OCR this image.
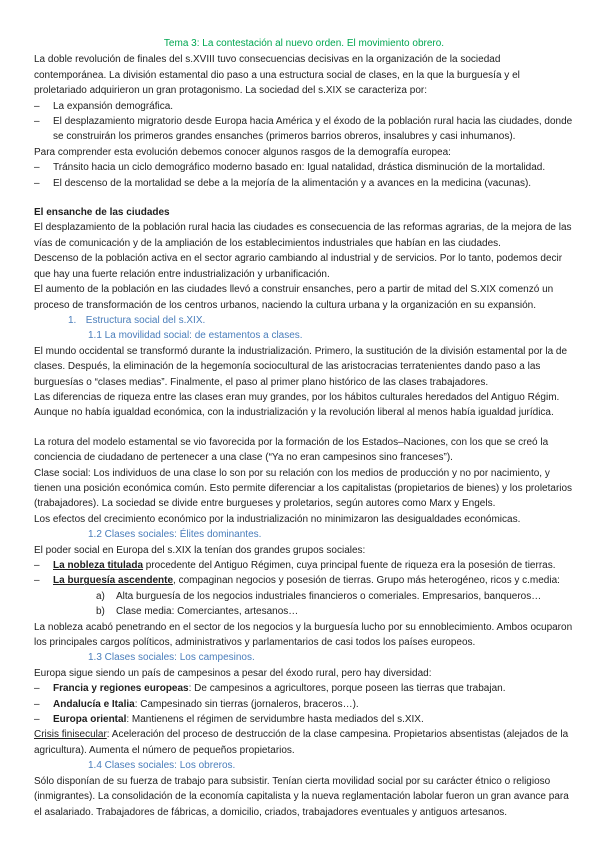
Tema 3: La contestación al nuevo orden. El movimiento obrero.

La doble revolución de finales del s.XVIII tuvo consecuencias decisivas en la organización de la sociedad contemporánea. La división estamental dio paso a una estructura social de clases, en la que la burguesía y el proletariado adquirieron un gran protagonismo. La sociedad del s.XIX se caracteriza por:

– La expansión demográfica.

– El desplazamiento migratorio desde Europa hacia América y el éxodo de la población rural hacia las ciudades, donde se construirán los primeros grandes ensanches (primeros barrios obreros, insalubres y casi inhumanos).

Para comprender esta evolución debemos conocer algunos rasgos de la demografía europea:

– Tránsito hacia un ciclo demográfico moderno basado en: Igual natalidad, drástica disminución de la mortalidad.

– El descenso de la mortalidad se debe a la mejoría de la alimentación y a avances en la medicina (vacunas).

El ensanche de las ciudades

El desplazamiento de la población rural hacia las ciudades es consecuencia de las reformas agrarias, de la mejora de las vías de comunicación y de la ampliación de los establecimientos industriales que habían en las ciudades.

Descenso de la población activa en el sector agrario cambiando al industrial y de servicios. Por lo tanto, podemos decir que hay una fuerte relación entre industrialización y urbanificación.

El aumento de la población en las ciudades llevó a construir ensanches, pero a partir de mitad del S.XIX comenzó un proceso de transformación de los centros urbanos, naciendo la cultura urbana y la organización en su expansión.

1. Estructura social del s.XIX.

1.1 La movilidad social: de estamentos a clases.

El mundo occidental se transformó durante la industrialización. Primero, la sustitución de la división estamental por la de clases. Después, la eliminación de la hegemonía sociocultural de las aristocracias terratenientes dando paso a las burguesías o “clases medias”. Finalmente, el paso al primer plano histórico de las clases trabajadores.

Las diferencias de riqueza entre las clases eran muy grandes, por los hábitos culturales heredados del Antiguo Régim. Aunque no había igualdad económica, con la industrialización y la revolución liberal al menos había igualdad jurídica.

La rotura del modelo estamental se vio favorecida por la formación de los Estados–Naciones, con los que se creó la conciencia de ciudadano de pertenecer a una clase (“Ya no eran campesinos sino franceses”).

Clase social: Los individuos de una clase lo son por su relación con los medios de producción y no por nacimiento, y tienen una posición económica común. Esto permite diferenciar a los capitalistas (propietarios de bienes) y los proletarios (trabajadores). La sociedad se divide entre burgueses y proletarios, según autores como Marx y Engels.

Los efectos del crecimiento económico por la industrialización no minimizaron las desigualdades económicas.

1.2 Clases sociales: Élites dominantes.

El poder social en Europa del s.XIX la tenían dos grandes grupos sociales:

– La nobleza titulada procedente del Antiguo Régimen, cuya principal fuente de riqueza era la posesión de tierras.

– La burguesía ascendente, compaginan negocios y posesión de tierras. Grupo más heterogéneo, ricos y c.media:

a) Alta burguesía de los negocios industriales financieros o comeriales. Empresarios, banqueros…

b) Clase media: Comerciantes, artesanos…

La nobleza acabó penetrando en el sector de los negocios y la burguesía lucho por su ennoblecimiento. Ambos ocuparon los principales cargos políticos, administrativos y parlamentarios de casi todos los países europeos.

1.3 Clases sociales: Los campesinos.

Europa sigue siendo un país de campesinos a pesar del éxodo rural, pero hay diversidad:

– Francia y regiones europeas: De campesinos a agricultores, porque poseen las tierras que trabajan.

– Andalucía e Italia: Campesinado sin tierras (jornaleros, braceros…).

– Europa oriental: Mantienens el régimen de servidumbre hasta mediados del s.XIX.

Crisis finisecular: Aceleración del proceso de destrucción de la clase campesina. Propietarios absentistas (alejados de la agricultura). Aumenta el número de pequeños propietarios.

1.4 Clases sociales: Los obreros.

Sólo disponían de su fuerza de trabajo para subsistir. Tenían cierta movilidad social por su carácter étnico o religioso (inmigrantes). La consolidación de la economía capitalista y la nueva reglamentación labolar fueron un gran avance para el asalariado. Trabajadores de fábricas, a domicilio, criados, trabajadores eventuales y antiguos artesanos.
